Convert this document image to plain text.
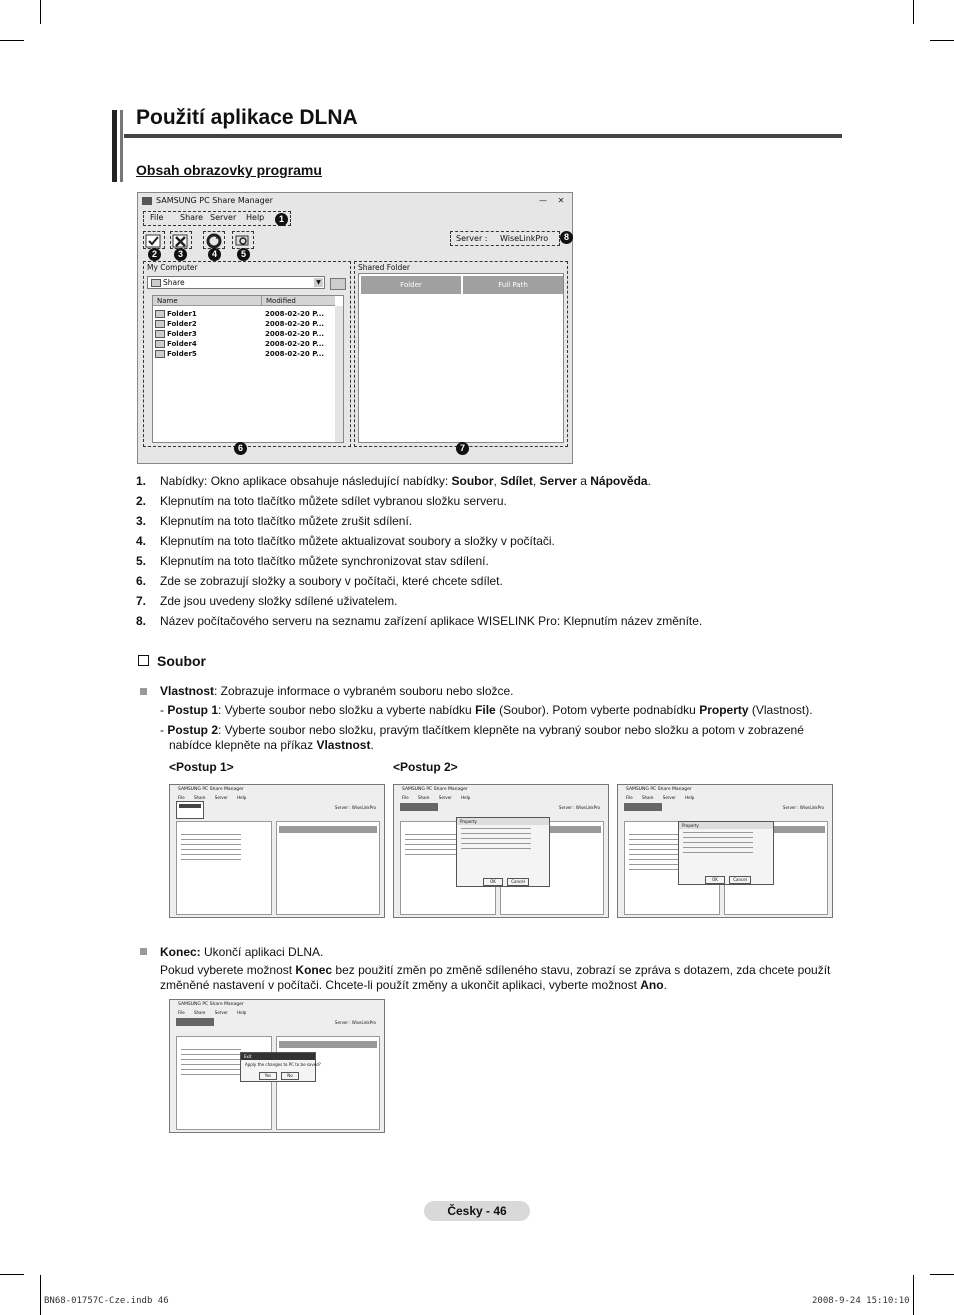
Použití aplikace DLNA
Obsah obrazovky programu
SAMSUNG PC Share Manager	—	✕
File Share Server Help	1
2	3	4	5
Server : WiseLinkPro	8
My Computer
Share	▼
Name	Modified
Folder1	2008-02-20 P...
Folder2	2008-02-20 P...
Folder3	2008-02-20 P...
Folder4	2008-02-20 P...
Folder5	2008-02-20 P...
6
Shared Folder
Folder	Full Path
7
1. Nabídky: Okno aplikace obsahuje následující nabídky: Soubor, Sdílet, Server a Nápověda.
2. Klepnutím na toto tlačítko můžete sdílet vybranou složku serveru.
3. Klepnutím na toto tlačítko můžete zrušit sdílení.
4. Klepnutím na toto tlačítko můžete aktualizovat soubory a složky v počítači.
5. Klepnutím na toto tlačítko můžete synchronizovat stav sdílení.
6. Zde se zobrazují složky a soubory v počítači, které chcete sdílet.
7. Zde jsou uvedeny složky sdílené uživatelem.
8. Název počítačového serveru na seznamu zařízení aplikace WISELINK Pro: Klepnutím název změníte.
Soubor
Vlastnost: Zobrazuje informace o vybraném souboru nebo složce.
- Postup 1: Vyberte soubor nebo složku a vyberte nabídku File (Soubor). Potom vyberte podnabídku Property (Vlastnost).
- Postup 2: Vyberte soubor nebo složku, pravým tlačítkem klepněte na vybraný soubor nebo složku a potom v zobrazené
nabídce klepněte na příkaz Vlastnost.
<Postup 1>	<Postup 2>
SAMSUNG PC Share Manager
File Share Server Help
Server : WiseLinkPro
SAMSUNG PC Share Manager
File Share Server Help
Server : WiseLinkPro
Property
OK	Cancel
SAMSUNG PC Share Manager
File Share Server Help
Server : WiseLinkPro
Property
OK	Cancel
Konec: Ukončí aplikaci DLNA.
Pokud vyberete možnost Konec bez použití změn po změně sdíleného stavu, zobrazí se zpráva s dotazem, zda chcete použít
změněné nastavení v počítači. Chcete-li použít změny a ukončit aplikaci, vyberte možnost Ano.
SAMSUNG PC Share Manager
File Share Server Help
Server : WiseLinkPro
Exit
Apply the changes to PC to be saved?
Yes	No
Česky - 46
BN68-01757C-Cze.indb 46	2008-9-24 15:10:10
